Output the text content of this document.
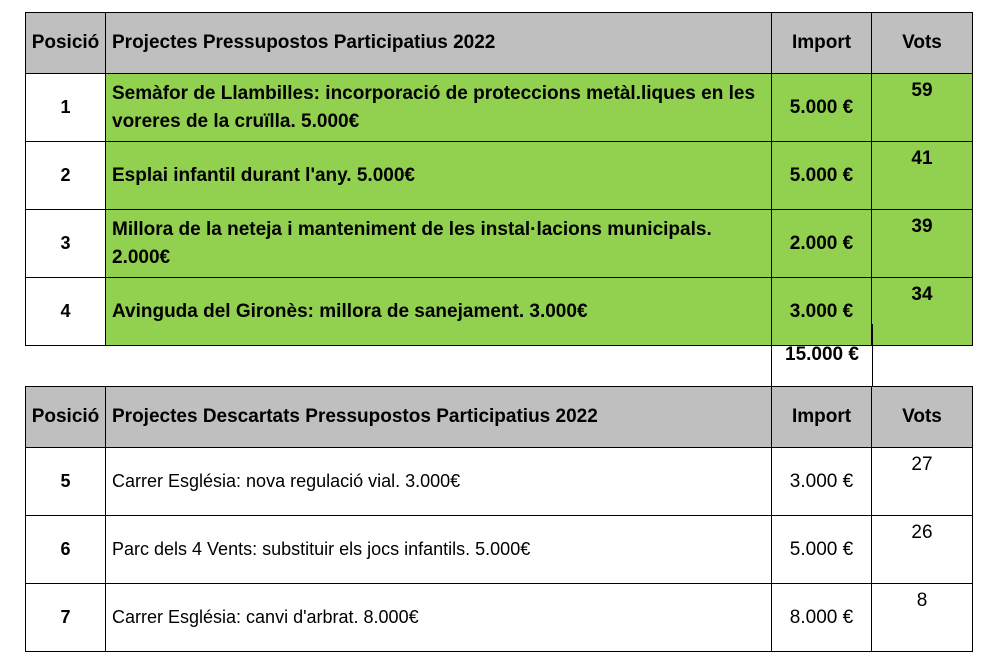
Posició	Projectes Pressupostos Participatius 2022	Import	Vots
1	Semàfor de Llambilles: incorporació de proteccions metàl.liques en les voreres de la cruïlla. 5.000€	5.000 €	59
2	Esplai infantil durant l'any. 5.000€	5.000 €	41
3	Millora de la neteja i manteniment de les instal·lacions municipals. 2.000€	2.000 €	39
4	Avinguda del Gironès: millora de sanejament. 3.000€	3.000 €	34
15.000 €
Posició	Projectes Descartats Pressupostos Participatius 2022	Import	Vots
5	Carrer Església: nova regulació vial. 3.000€	3.000 €	27
6	Parc dels 4 Vents: substituir els jocs infantils. 5.000€	5.000 €	26
7	Carrer Església: canvi d'arbrat. 8.000€	8.000 €	8
